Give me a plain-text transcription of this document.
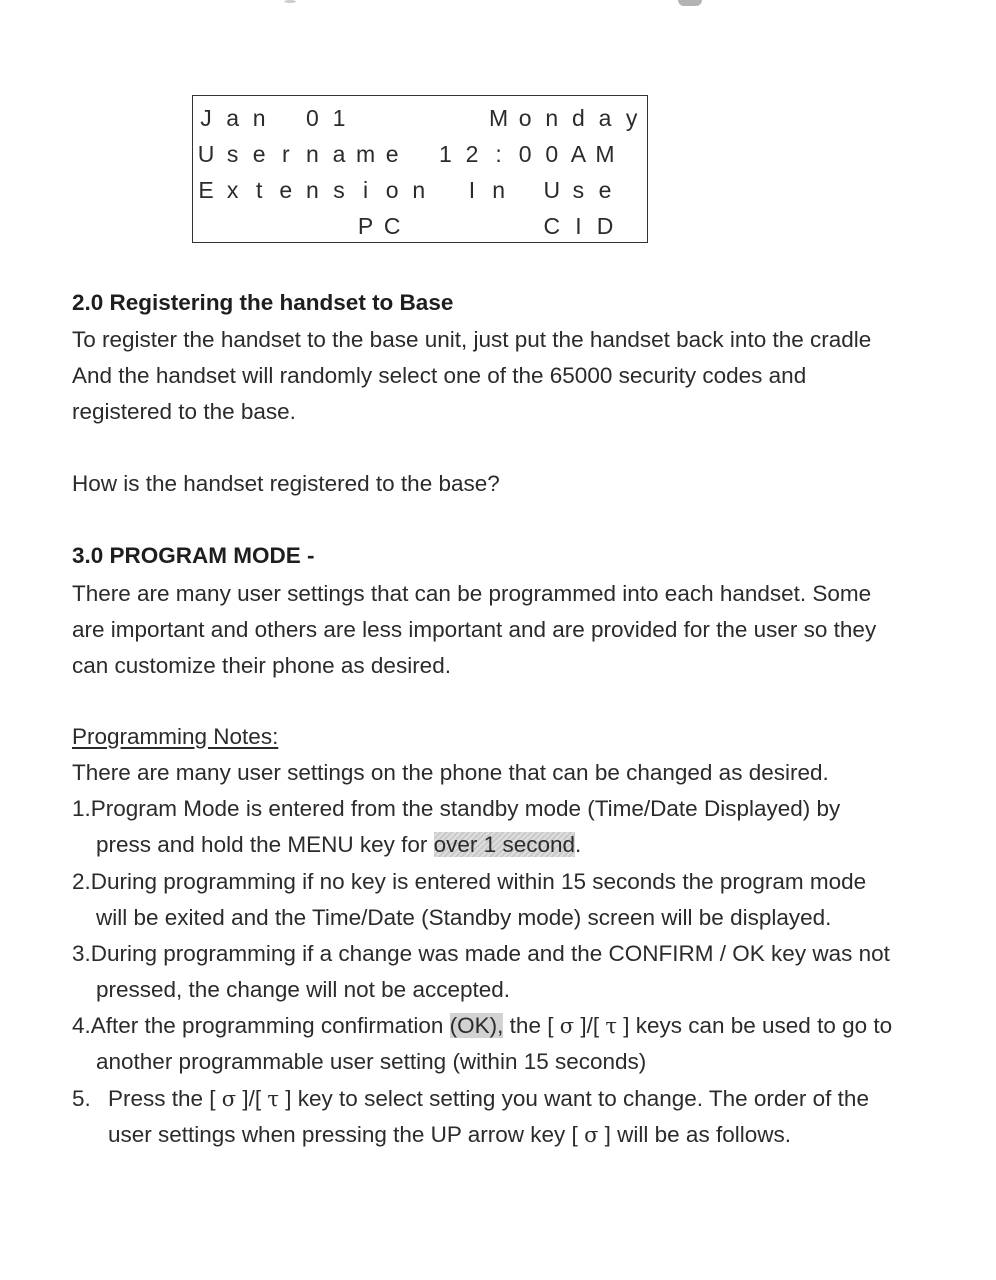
J a n 0 1	M o n d a y
U s e r n a m e 1 2 : 0 0 A M
E x t e n s i o n	I n U s e
P C	C I D
2.0 Registering the handset to Base

To register the handset to the base unit, just put the handset back into the cradle
And the handset will randomly select one of the 65000 security codes and
registered to the base.

How is the handset registered to the base?

3.0 PROGRAM MODE -

There are many user settings that can be programmed into each handset. Some
are important and others are less important and are provided for the user so they
can customize their phone as desired.

Programming Notes:

There are many user settings on the phone that can be changed as desired.

1.Program Mode is entered from the standby mode (Time/Date Displayed) by
press and hold the MENU key for over 1 second.
2.During programming if no key is entered within 15 seconds the program mode
will be exited and the Time/Date (Standby mode) screen will be displayed.
3.During programming if a change was made and the CONFIRM / OK key was not
pressed, the change will not be accepted.
4.After the programming confirmation (OK), the [ σ ]/[ τ ] keys can be used to go to
another programmable user setting (within 15 seconds)
5. Press the [ σ ]/[ τ ] key to select setting you want to change. The order of the
user settings when pressing the UP arrow key [ σ ] will be as follows.
